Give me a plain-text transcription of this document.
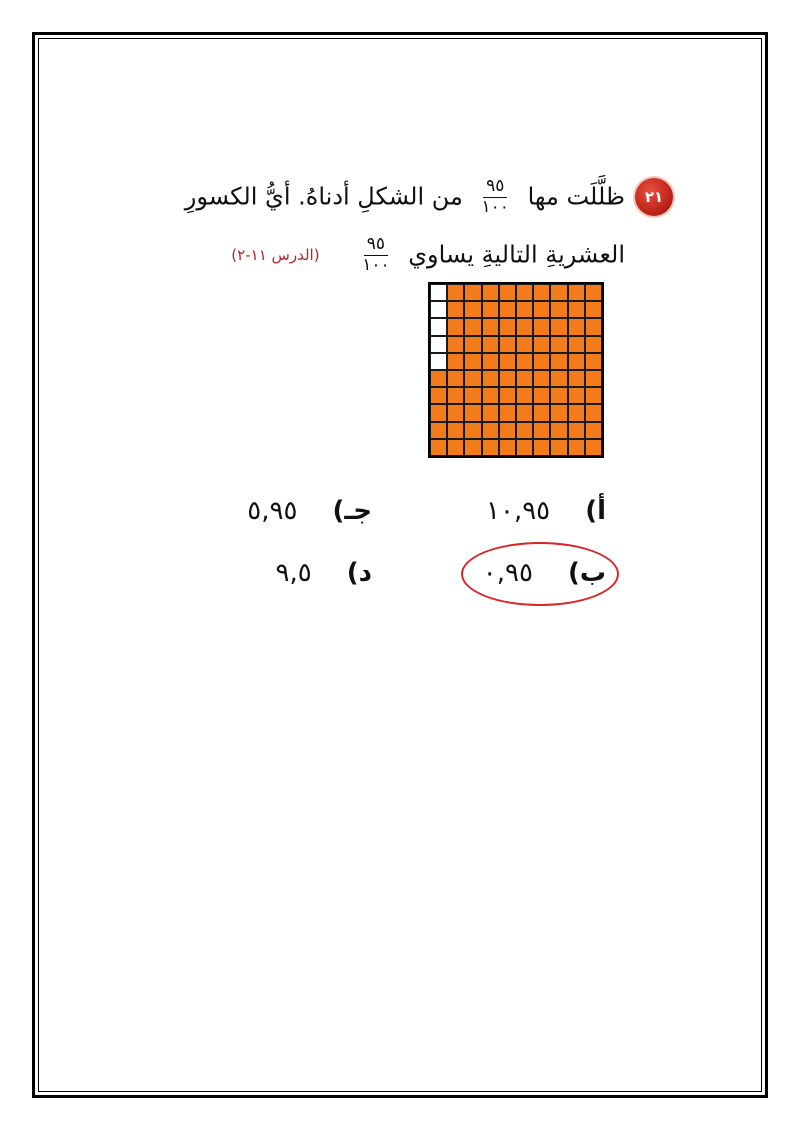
٢١
ظلَّلَت مها
$\frac{٩٥}{١٠٠}$
من الشكلِ أدناهُ. أيُّ الكسورِ
العشريةِ التاليةِ يساوي
$\frac{٩٥}{١٠٠}$
(الدرس ١١-٢)
أ) ١٠,٩٥
ب) ٠,٩٥
جـ) ٥,٩٥
د) ٩,٥
